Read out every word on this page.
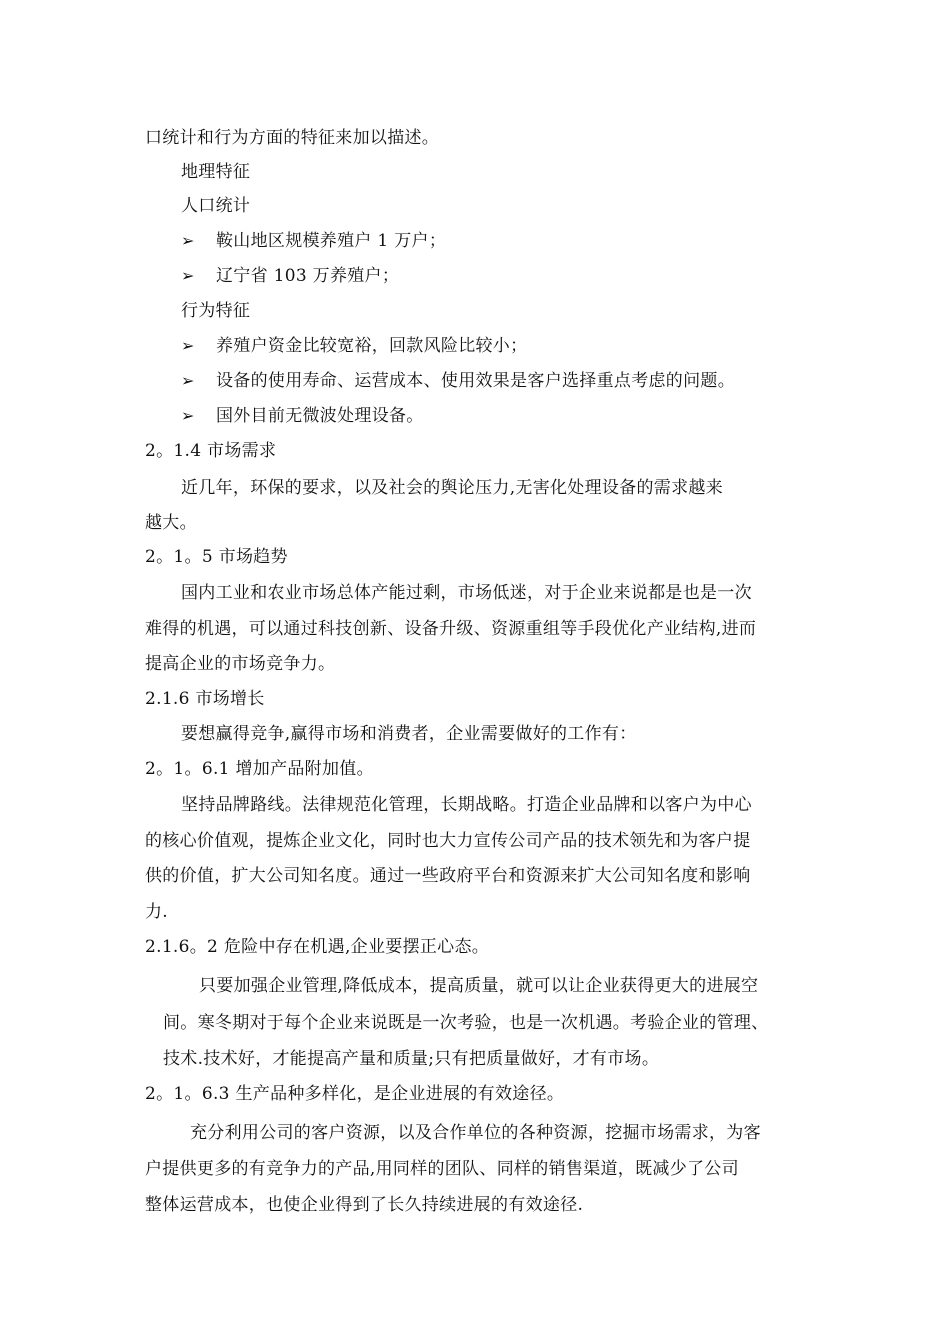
口统计和行为方面的特征来加以描述。
地理特征
人口统计
➢ 鞍山地区规模养殖户 1 万户；
➢ 辽宁省 103 万养殖户；
行为特征
➢ 养殖户资金比较宽裕，回款风险比较小；
➢ 设备的使用寿命、运营成本、使用效果是客户选择重点考虑的问题。
➢ 国外目前无微波处理设备。
2。1.4 市场需求
近几年，环保的要求，以及社会的舆论压力,无害化处理设备的需求越来
越大。
2。1。5 市场趋势
国内工业和农业市场总体产能过剩，市场低迷，对于企业来说都是也是一次
难得的机遇，可以通过科技创新、设备升级、资源重组等手段优化产业结构,进而
提高企业的市场竞争力。
2.1.6 市场增长
要想赢得竞争,赢得市场和消费者，企业需要做好的工作有：
2。1。6.1 增加产品附加值。
坚持品牌路线。法律规范化管理，长期战略。打造企业品牌和以客户为中心
的核心价值观，提炼企业文化，同时也大力宣传公司产品的技术领先和为客户提
供的价值，扩大公司知名度。通过一些政府平台和资源来扩大公司知名度和影响
力.
2.1.6。2 危险中存在机遇,企业要摆正心态。
只要加强企业管理,降低成本，提高质量，就可以让企业获得更大的进展空
间。寒冬期对于每个企业来说既是一次考验，也是一次机遇。考验企业的管理、
技术.技术好，才能提高产量和质量;只有把质量做好，才有市场。
2。1。6.3 生产品种多样化，是企业进展的有效途径。
充分利用公司的客户资源，以及合作单位的各种资源，挖掘市场需求，为客
户提供更多的有竞争力的产品,用同样的团队、同样的销售渠道，既减少了公司
整体运营成本，也使企业得到了长久持续进展的有效途径.
